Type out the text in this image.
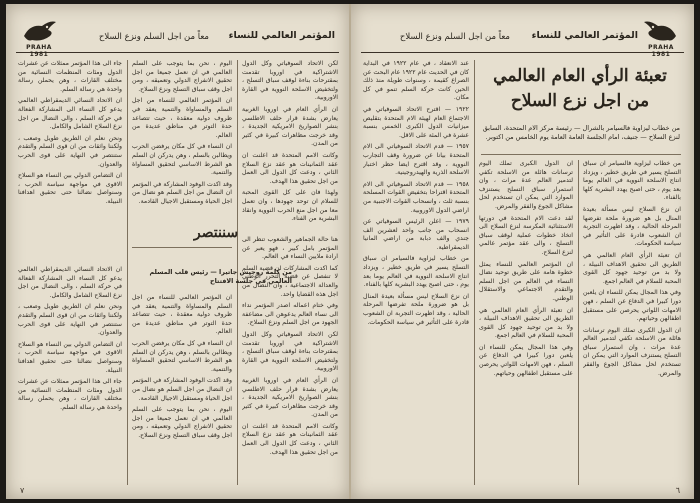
PRAHA 1981
المؤتمر العالمي للنساء
معاً من اجل السلم ونزع السلاح

لكن الاتحاد السوفياتي وكل الدول الاشتراكية في اوروبا تقدمت بمقترحات بناءة لوقف سباق التسلح ، ولتخفيض الاسلحة النووية في القارة الاوروبية.

ان الرأي العام في اوروبا الغربية يعارض بشدة قرار حلف الاطلسي بنشر الصواريخ الامريكية الجديدة ، وقد خرجت مظاهرات كبيرة في كثير من المدن.

وكانت الامم المتحدة قد اعلنت ان عقد الثمانينات هو عقد نزع السلاح الثاني ، ودعت كل الدول الى العمل من اجل تحقيق هذا الهدف.

ولهذا فان على كل القوى المحبة للسلام ان توحد جهودها ، وان تعمل معا من اجل منع الحرب النووية وانقاذ البشرية من الفناء.

اليوم ، نحن بما يتوجب على السلم العالمي في ان نعمل جميعا من اجل تحقيق الانفراج الدولي وتعميقه ، ومن اجل وقف سباق التسلح ونزع السلاح.

ان المؤتمر العالمي للنساء من اجل السلم والمساواة والتنمية يعقد في ظروف دولية معقدة ، حيث تتصاعد حدة التوتر في مناطق عديدة من العالم.

ان النساء في كل مكان يرفضن الحرب ويطالبن بالسلم ، وهن يدركن ان السلم هو الشرط الاساسي لتحقيق المساواة والتنمية.

وقد اكدت الوفود المشاركة في المؤتمر ان النضال من اجل السلم هو نضال من اجل الحياة ومستقبل الاجيال القادمة.

جاء الى هذا المؤتمر ممثلات عن عشرات الدول ومئات المنظمات النسائية من مختلف القارات ، وهن يحملن رسالة واحدة هي رسالة السلم.

ان الاتحاد النسائي الديمقراطي العالمي يدعو كل النساء الى المشاركة الفعالة في حركة السلم ، والى النضال من اجل نزع السلاح الشامل والكامل.

ونحن نعلم ان الطريق طويل وصعب ، ولكننا واثقات من ان قوى السلم والتقدم ستنتصر في النهاية على قوى الحرب والعدوان.

ان التضامن الدولي بين النساء هو السلاح الاقوى في مواجهة سياسة الحرب ، وسنواصل نضالنا حتى تحقيق اهدافنا النبيلة.

سننتصر
من كلمة روجيش جاتيرا — رئيس قلب المسلم العالمي في جلسة الافتتاح

هنا حالة الجماهير والشعوب تنظر الى المؤتمر بامل كبير ، فهو يعبر عن ارادة ملايين النساء في العالم.

كما اكدت المشاركات ان قضية السلم لا تنفصل عن قضية التحرر الوطني والعدالة الاجتماعية ، وان النضال من اجل هذه القضايا واحد.

وفي ختام اعماله اصدر المؤتمر نداء الى نساء العالم يدعوهن الى مضاعفة الجهود من اجل السلم ونزع السلاح.

لكن الاتحاد السوفياتي وكل الدول الاشتراكية في اوروبا تقدمت بمقترحات بناءة لوقف سباق التسلح ، ولتخفيض الاسلحة النووية في القارة الاوروبية.

ان الرأي العام في اوروبا الغربية يعارض بشدة قرار حلف الاطلسي بنشر الصواريخ الامريكية الجديدة ، وقد خرجت مظاهرات كبيرة في كثير من المدن.

وكانت الامم المتحدة قد اعلنت ان عقد الثمانينات هو عقد نزع السلاح الثاني ، ودعت كل الدول الى العمل من اجل تحقيق هذا الهدف.

ان المؤتمر العالمي للنساء من اجل السلم والمساواة والتنمية يعقد في ظروف دولية معقدة ، حيث تتصاعد حدة التوتر في مناطق عديدة من العالم.

ان النساء في كل مكان يرفضن الحرب ويطالبن بالسلم ، وهن يدركن ان السلم هو الشرط الاساسي لتحقيق المساواة والتنمية.

وقد اكدت الوفود المشاركة في المؤتمر ان النضال من اجل السلم هو نضال من اجل الحياة ومستقبل الاجيال القادمة.

اليوم ، نحن بما يتوجب على السلم العالمي في ان نعمل جميعا من اجل تحقيق الانفراج الدولي وتعميقه ، ومن اجل وقف سباق التسلح ونزع السلاح.

ان الاتحاد النسائي الديمقراطي العالمي يدعو كل النساء الى المشاركة الفعالة في حركة السلم ، والى النضال من اجل نزع السلاح الشامل والكامل.

ونحن نعلم ان الطريق طويل وصعب ، ولكننا واثقات من ان قوى السلم والتقدم ستنتصر في النهاية على قوى الحرب والعدوان.

ان التضامن الدولي بين النساء هو السلاح الاقوى في مواجهة سياسة الحرب ، وسنواصل نضالنا حتى تحقيق اهدافنا النبيلة.

جاء الى هذا المؤتمر ممثلات عن عشرات الدول ومئات المنظمات النسائية من مختلف القارات ، وهن يحملن رسالة واحدة هي رسالة السلم.

٧
PRAHA 1981
المؤتمر العالمي للنساء
معاً من اجل السلم ونزع السلاح

عند الانعقاد ، في عام ١٩٢٢ في البداية كان في الحديث عام ١٩٢٢ عام البحث عن الصراع كقيمة ، وسنوات طويلة منذ ذلك الحين كانت حركة السلم تنمو في كل مكان.

١٩٢٢ — اقترح الاتحاد السوفياتي في الاجتماع العام لهيئة الام المتحدة بتقليص ميزانيات الدول الكبرى الخمس بنسبة عشرة في المئة على الاقل.

١٩٥٧ — قدم الاتحاد السوفياتي الى الام المتحدة بيانا عن ضرورة وقف التجارب النووية ، وقد اقترح ايضا حظر اختبار الاسلحة الذرية والهيدروجينية.

١٩٥٨ — قدم الاتحاد السوفياتي الى الام المتحدة اقتراحا بتخفيض القوات المسلحة بنسبة ثلث ، وانسحاب القوات الاجنبية من اراضي الدول الاوروبية.

١٩٧٩ — اعلن الرئيس السوفياتي عن انسحاب من جانب واحد لعشرين الف جندي والف دبابة من اراضي المانيا الديمقراطية.

من خطاب ليزاوية فالسيامر ان سباق التسلح يسير في طريق خطير ، ويزداد انتاج الاسلحة النووية في العالم يوما بعد يوم ، حتى اصبح يهدد البشرية كلها بالفناء.

ان نزع السلاح ليس مسألة بعيدة المنال بل هو ضرورة ملحة تفرضها المرحلة الحالية ، وقد اظهرت التجربة ان الشعوب قادرة على التأثير في سياسة الحكومات.

تعبئة الرأي العام العالمي من اجل نزع السلاح
من خطاب ليزاوية فالسيامر بالشرال — رئيسة مركز الام المتحدة، السابق لنزع السلاح — جنيف، امام الجلسة العامة العامة يوم الخامس من اكتوبر.

من خطاب ليزاوية فالسيامر ان سباق التسلح يسير في طريق خطير ، ويزداد انتاج الاسلحة النووية في العالم يوما بعد يوم ، حتى اصبح يهدد البشرية كلها بالفناء.

ان نزع السلاح ليس مسألة بعيدة المنال بل هو ضرورة ملحة تفرضها المرحلة الحالية ، وقد اظهرت التجربة ان الشعوب قادرة على التأثير في سياسة الحكومات.

ان تعبئة الرأي العام العالمي هي الطريق الى تحقيق الاهداف النبيلة ، ولا بد من توحيد جهود كل القوى المحبة للسلام في العالم اجمع.

وفي هذا المجال يمكن للنساء ان يلعبن دورا كبيرا في الدفاع عن السلم ، فهن الامهات اللواتي يحرصن على مستقبل اطفالهن وحياتهم.

ان الدول الكبرى تملك اليوم ترسانات هائلة من الاسلحة تكفي لتدمير العالم عدة مرات ، وان استمرار سباق التسلح يستنزف الموارد التي يمكن ان تستخدم لحل مشاكل الجوع والفقر والمرض.

ان الدول الكبرى تملك اليوم ترسانات هائلة من الاسلحة تكفي لتدمير العالم عدة مرات ، وان استمرار سباق التسلح يستنزف الموارد التي يمكن ان تستخدم لحل مشاكل الجوع والفقر والمرض.

لقد دعت الام المتحدة في دورتها الاستثنائية المكرسة لنزع السلاح الى اتخاذ خطوات عملية لوقف سباق التسلح ، والى عقد مؤتمر عالمي لنزع السلاح.

ان المؤتمر العالمي للنساء يمثل خطوة هامة على طريق توحيد نضال النساء في العالم من اجل السلم والتقدم الاجتماعي والاستقلال الوطني.

ان تعبئة الرأي العام العالمي هي الطريق الى تحقيق الاهداف النبيلة ، ولا بد من توحيد جهود كل القوى المحبة للسلام في العالم اجمع.

وفي هذا المجال يمكن للنساء ان يلعبن دورا كبيرا في الدفاع عن السلم ، فهن الامهات اللواتي يحرصن على مستقبل اطفالهن وحياتهم.

٦
